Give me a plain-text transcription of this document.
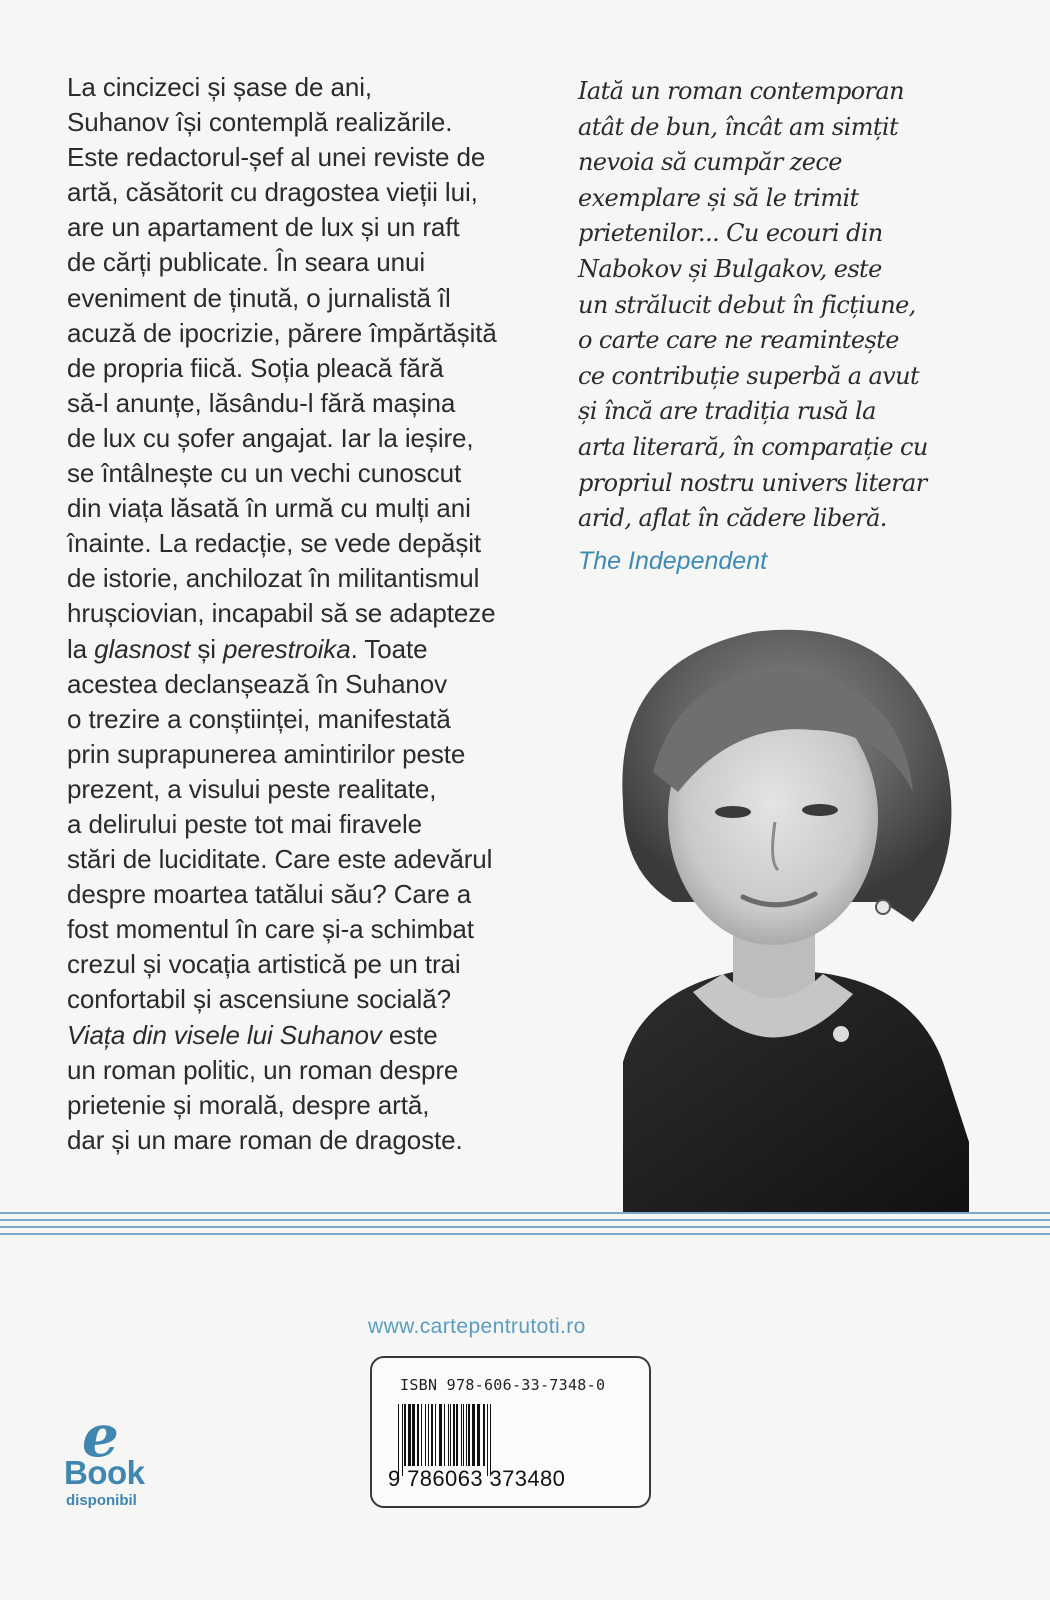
La cincizeci și șase de ani,
Suhanov își contemplă realizările.
Este redactorul-șef al unei reviste de
artă, căsătorit cu dragostea vieții lui,
are un apartament de lux și un raft
de cărți publicate. În seara unui
eveniment de ținută, o jurnalistă îl
acuză de ipocrizie, părere împărtășită
de propria fiică. Soția pleacă fără
să-l anunțe, lăsându-l fără mașina
de lux cu șofer angajat. Iar la ieșire,
se întâlnește cu un vechi cunoscut
din viața lăsată în urmă cu mulți ani
înainte. La redacție, se vede depășit
de istorie, anchilozat în militantismul
hrușciovian, incapabil să se adapteze
la glasnost și perestroika. Toate
acestea declanșează în Suhanov
o trezire a conștiinței, manifestată
prin suprapunerea amintirilor peste
prezent, a visului peste realitate,
a delirului peste tot mai firavele
stări de luciditate. Care este adevărul
despre moartea tatălui său? Care a
fost momentul în care și-a schimbat
crezul și vocația artistică pe un trai
confortabil și ascensiune socială?
Viața din visele lui Suhanov este
un roman politic, un roman despre
prietenie și morală, despre artă,
dar și un mare roman de dragoste.
Iată un roman contemporan
atât de bun, încât am simțit
nevoia să cumpăr zece
exemplare și să le trimit
prietenilor... Cu ecouri din
Nabokov și Bulgakov, este
un strălucit debut în ficțiune,
o carte care ne reamintește
ce contribuție superbă a avut
și încă are tradiția rusă la
arta literară, în comparație cu
propriul nostru univers literar
arid, aflat în cădere liberă.
The Independent
www.cartepentrutoti.ro
ISBN 978-606-33-7348-0
9 786063 373480
e
Book
disponibil
